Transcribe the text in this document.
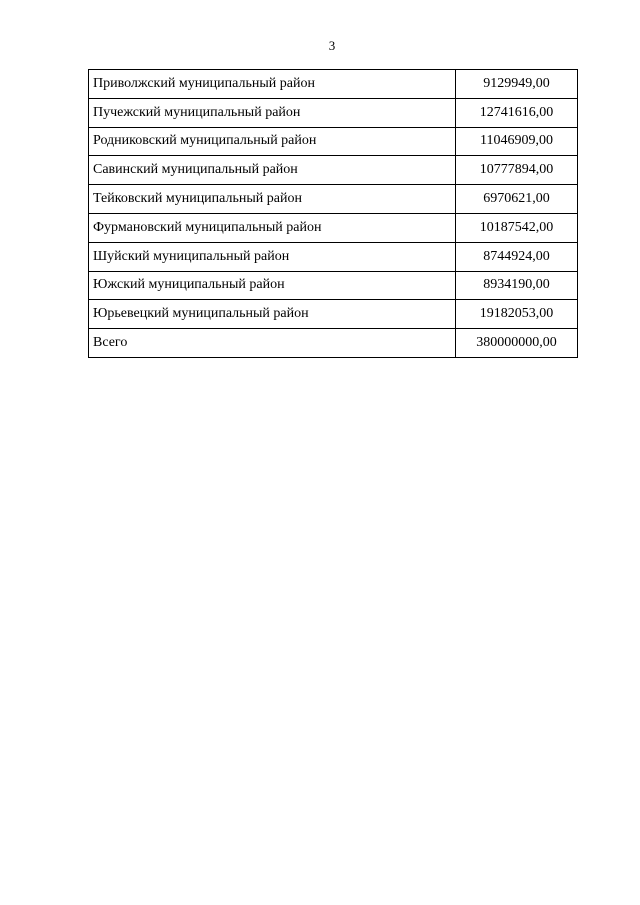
3
Приволжский муниципальный район	9129949,00
Пучежский муниципальный район	12741616,00
Родниковский муниципальный район	11046909,00
Савинский муниципальный район	10777894,00
Тейковский муниципальный район	6970621,00
Фурмановский муниципальный район	10187542,00
Шуйский муниципальный район	8744924,00
Южский муниципальный район	8934190,00
Юрьевецкий муниципальный район	19182053,00
Всего	380000000,00
